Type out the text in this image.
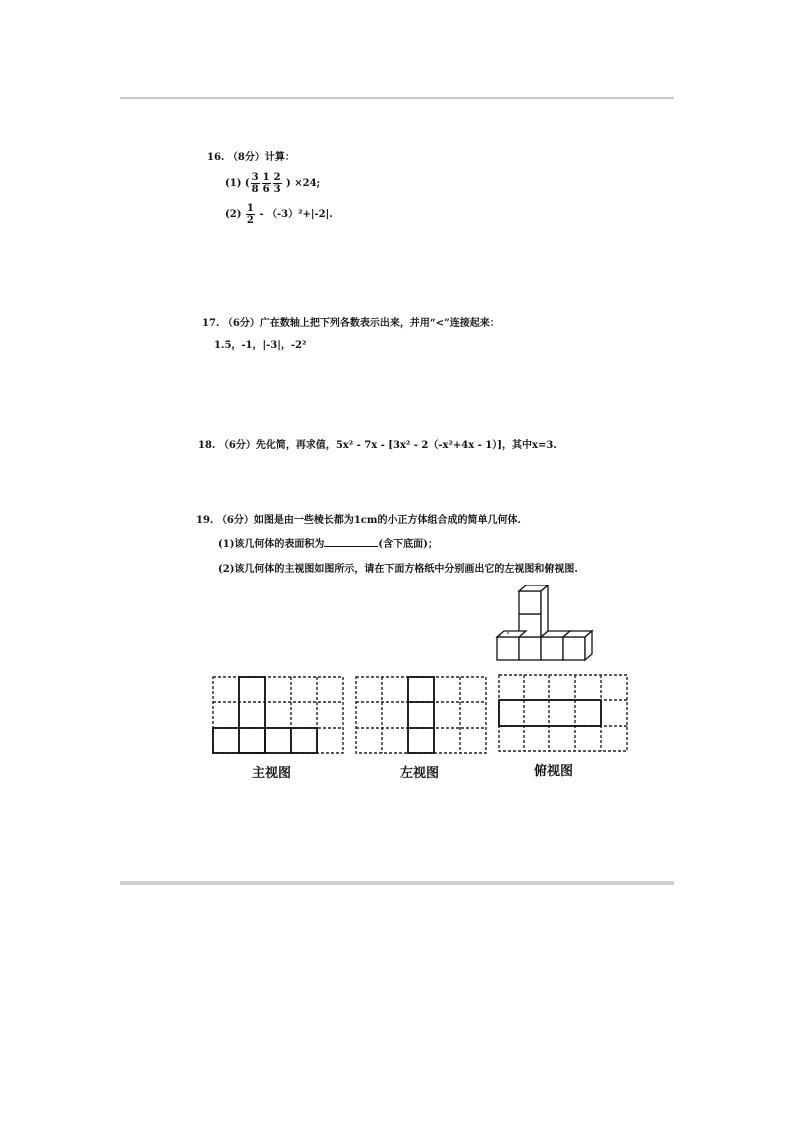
16. （8分）计算：
(1) ( $\frac{3}{8} \frac{1}{6} \frac{2}{3}$ ) ×24;
$(2) \frac{1}{2} - (-3)^2+|-2|$.
17. （6分）广在数轴上把下列各数表示出来，并用“<”连接起来：
1.5，-1，|-3|，-2²
18. （6分）先化简，再求值，5x² - 7x - [3x² - 2（-x²+4x - 1）]，其中x=3.
19. （6分）如图是由一些棱长都为1cm的小正方体组合成的简单几何体.
(1)该几何体的表面积为	(含下底面)；
(2)该几何体的主视图如图所示，请在下面方格纸中分别画出它的左视图和俯视图.
主视图	左视图	俯视图
